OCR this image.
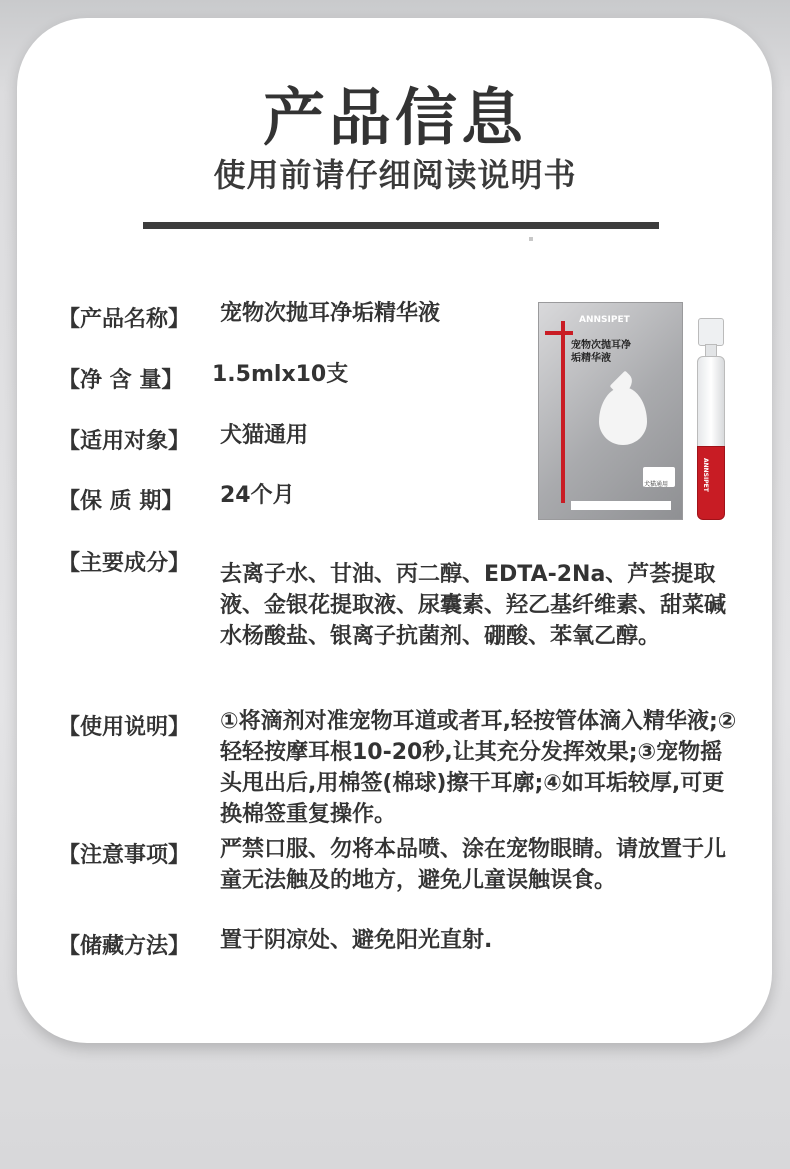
产品信息
使用前请仔细阅读说明书
【产品名称】 宠物次抛耳净垢精华液
【净 含 量】 1.5mlx10支
【适用对象】 犬猫通用
【保 质 期】 24个月
【主要成分】 去离子水、甘油、丙二醇、EDTA-2Na、芦荟提取液、金银花提取液、尿囊素、羟乙基纤维素、甜菜碱水杨酸盐、银离子抗菌剂、硼酸、苯氧乙醇。
【使用说明】 ①将滴剂对准宠物耳道或者耳,轻按管体滴入精华液;②轻轻按摩耳根10-20秒,让其充分发挥效果;③宠物摇头甩出后,用棉签(棉球)擦干耳廓;④如耳垢较厚,可更换棉签重复操作。
【注意事项】 严禁口服、勿将本品喷、涂在宠物眼睛。请放置于儿童无法触及的地方，避免儿童误触误食。
【储藏方法】 置于阴凉处、避免阳光直射.
ANNSIPET
宠物次抛耳净垢精华液
犬猫通用	ANNSIPET
